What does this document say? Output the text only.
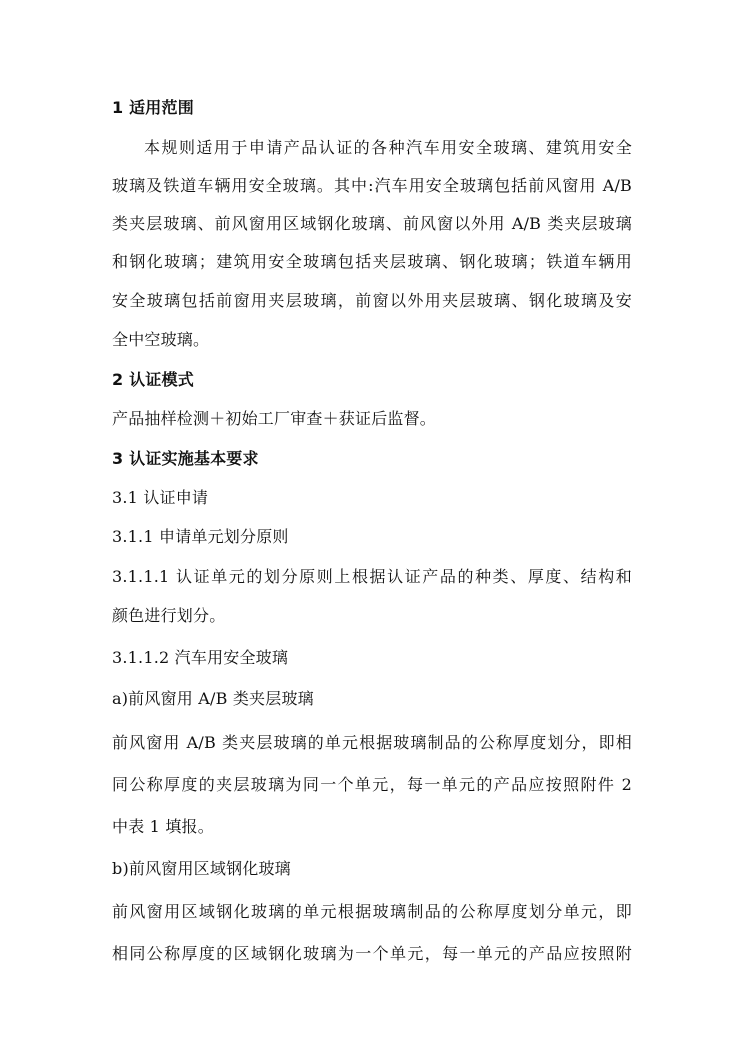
1 适用范围
本规则适用于申请产品认证的各种汽车用安全玻璃、建筑用安全
玻璃及铁道车辆用安全玻璃。其中:汽车用安全玻璃包括前风窗用 A/B
类夹层玻璃、前风窗用区域钢化玻璃、前风窗以外用 A/B 类夹层玻璃
和钢化玻璃；建筑用安全玻璃包括夹层玻璃、钢化玻璃；铁道车辆用
安全玻璃包括前窗用夹层玻璃，前窗以外用夹层玻璃、钢化玻璃及安
全中空玻璃。
2 认证模式
产品抽样检测＋初始工厂审查＋获证后监督。
3 认证实施基本要求
3.1 认证申请
3.1.1 申请单元划分原则
3.1.1.1 认证单元的划分原则上根据认证产品的种类、厚度、结构和
颜色进行划分。
3.1.1.2 汽车用安全玻璃
a)前风窗用 A/B 类夹层玻璃
前风窗用 A/B 类夹层玻璃的单元根据玻璃制品的公称厚度划分，即相
同公称厚度的夹层玻璃为同一个单元，每一单元的产品应按照附件 2
中表 1 填报。
b)前风窗用区域钢化玻璃
前风窗用区域钢化玻璃的单元根据玻璃制品的公称厚度划分单元，即
相同公称厚度的区域钢化玻璃为一个单元，每一单元的产品应按照附
